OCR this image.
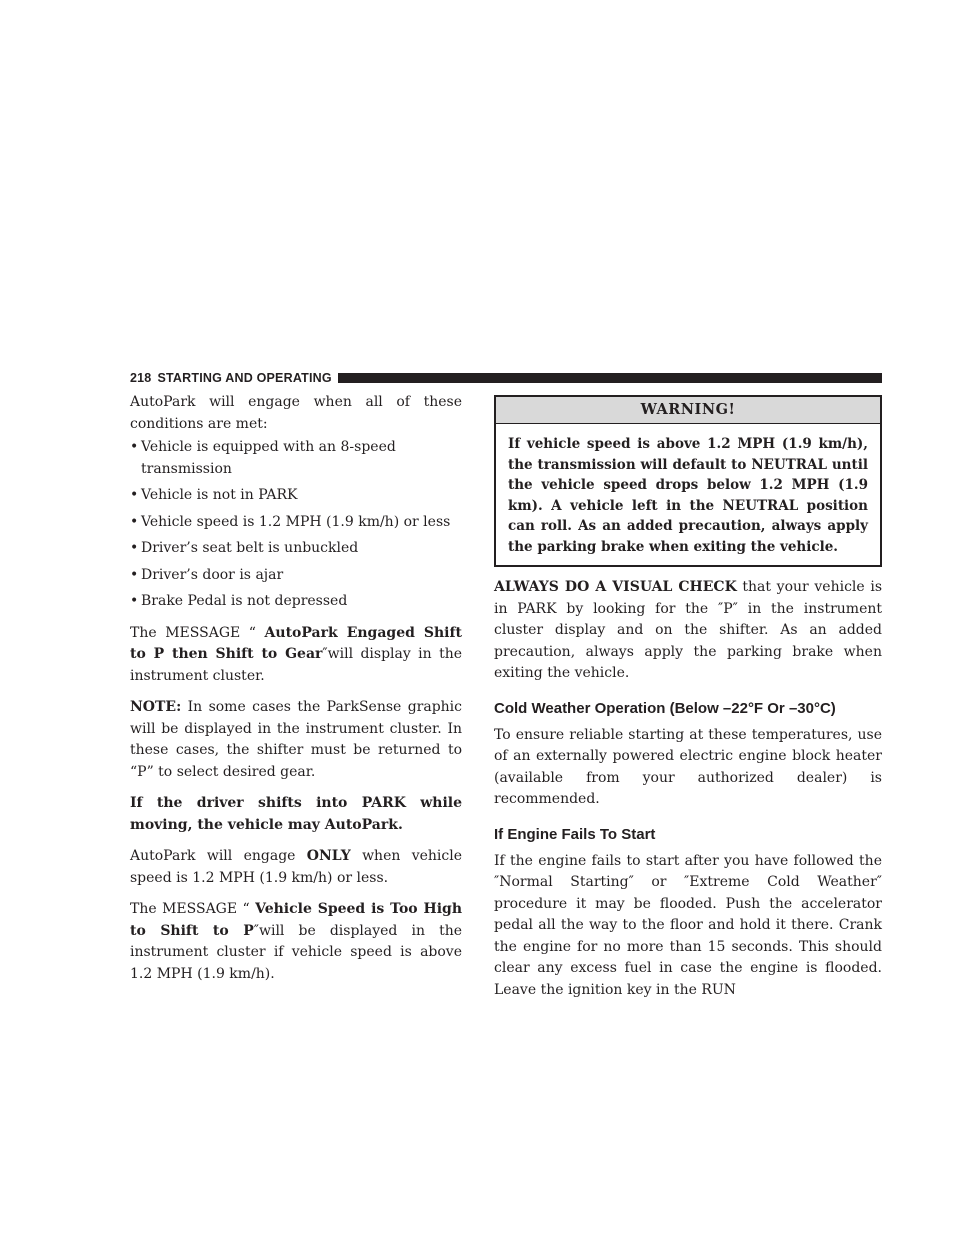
218 STARTING AND OPERATING

AutoPark will engage when all of these conditions are met:

• Vehicle is equipped with an 8-speed transmission
• Vehicle is not in PARK
• Vehicle speed is 1.2 MPH (1.9 km/h) or less
• Driver’s seat belt is unbuckled
• Driver’s door is ajar
• Brake Pedal is not depressed

The MESSAGE “ AutoPark Engaged Shift to P then Shift to Gear″will display in the instrument cluster.

NOTE: In some cases the ParkSense graphic will be displayed in the instrument cluster. In these cases, the shifter must be returned to “P” to select desired gear.

If the driver shifts into PARK while moving, the vehicle may AutoPark.

AutoPark will engage ONLY when vehicle speed is 1.2 MPH (1.9 km/h) or less.

The MESSAGE “ Vehicle Speed is Too High to Shift to P″will be displayed in the instrument cluster if vehicle speed is above 1.2 MPH (1.9 km/h).

WARNING!
If vehicle speed is above 1.2 MPH (1.9 km/h), the transmission will default to NEUTRAL until the vehicle speed drops below 1.2 MPH (1.9 km). A vehicle left in the NEUTRAL position can roll. As an added precaution, always apply the parking brake when exiting the vehicle.

ALWAYS DO A VISUAL CHECK that your vehicle is in PARK by looking for the ″P″ in the instrument cluster display and on the shifter. As an added precaution, always apply the parking brake when exiting the vehicle.

Cold Weather Operation (Below –22°F Or –30°C)

To ensure reliable starting at these temperatures, use of an externally powered electric engine block heater (available from your authorized dealer) is recommended.

If Engine Fails To Start

If the engine fails to start after you have followed the ″Normal Starting″ or ″Extreme Cold Weather″ procedure it may be flooded. Push the accelerator pedal all the way to the floor and hold it there. Crank the engine for no more than 15 seconds. This should clear any excess fuel in case the engine is flooded. Leave the ignition key in the RUN
